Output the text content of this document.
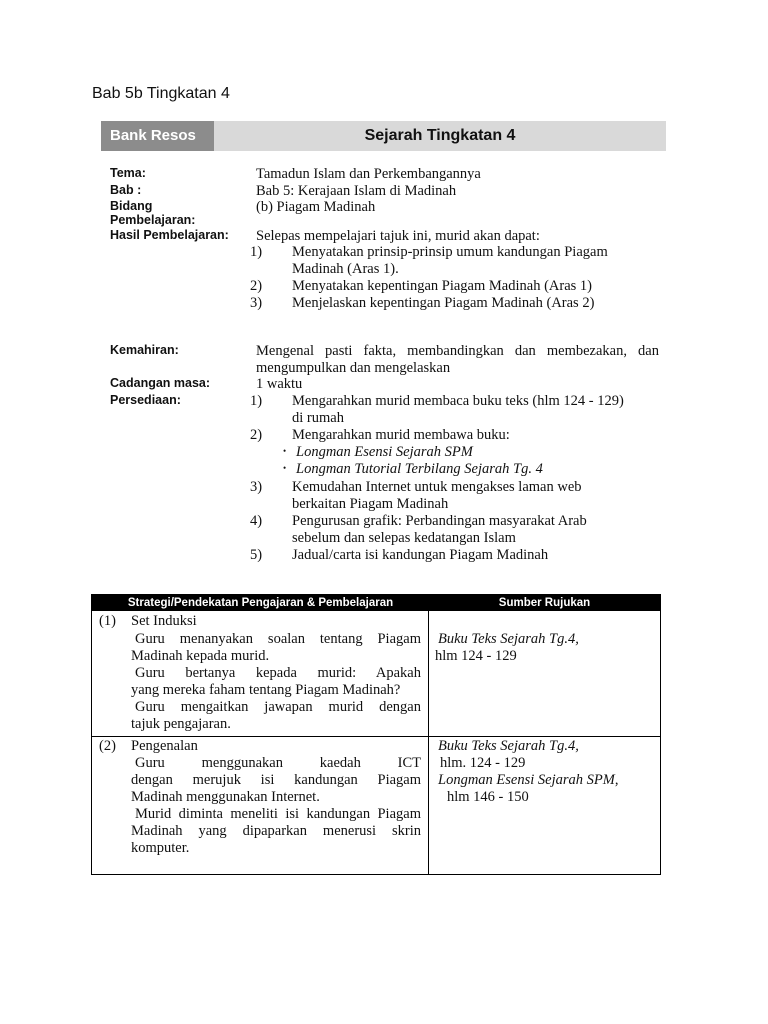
Bab 5b Tingkatan 4
Bank Resos	Sejarah Tingkatan 4
Tema:
Bab :
Bidang
Pembelajaran:
Hasil Pembelajaran:
Kemahiran:
Cadangan masa:
Persediaan:
Tamadun Islam dan Perkembangannya
Bab 5: Kerajaan Islam di Madinah
(b) Piagam Madinah
Selepas mempelajari tajuk ini, murid akan dapat:
1) Menyatakan prinsip-prinsip umum kandungan Piagam
Madinah (Aras 1).
2) Menyatakan kepentingan Piagam Madinah (Aras 1)
3) Menjelaskan kepentingan Piagam Madinah (Aras 2)
Mengenal pasti fakta, membandingkan dan membezakan, dan
mengumpulkan dan mengelaskan
1 waktu
1) Mengarahkan murid membaca buku teks (hlm 124 - 129)
di rumah
2) Mengarahkan murid membawa buku:
• Longman Esensi Sejarah SPM
• Longman Tutorial Terbilang Sejarah Tg. 4
3) Kemudahan Internet untuk mengakses laman web
berkaitan Piagam Madinah
4) Pengurusan grafik: Perbandingan masyarakat Arab
sebelum dan selepas kedatangan Islam
5) Jadual/carta isi kandungan Piagam Madinah
Strategi/Pendekatan Pengajaran & Pembelajaran	Sumber Rujukan
(1) Set Induksi
Guru menanyakan soalan tentang Piagam
Madinah kepada murid.
Guru bertanya kepada murid: Apakah
yang mereka faham tentang Piagam Madinah?
Guru mengaitkan jawapan murid dengan
tajuk pengajaran.
Buku Teks Sejarah Tg.4,
hlm 124 - 129
(2) Pengenalan
Guru menggunakan kaedah ICT
dengan merujuk isi kandungan Piagam
Madinah menggunakan Internet.
Murid diminta meneliti isi kandungan Piagam
Madinah yang dipaparkan menerusi skrin
komputer.
Buku Teks Sejarah Tg.4,
hlm. 124 - 129
Longman Esensi Sejarah SPM,
hlm 146 - 150
